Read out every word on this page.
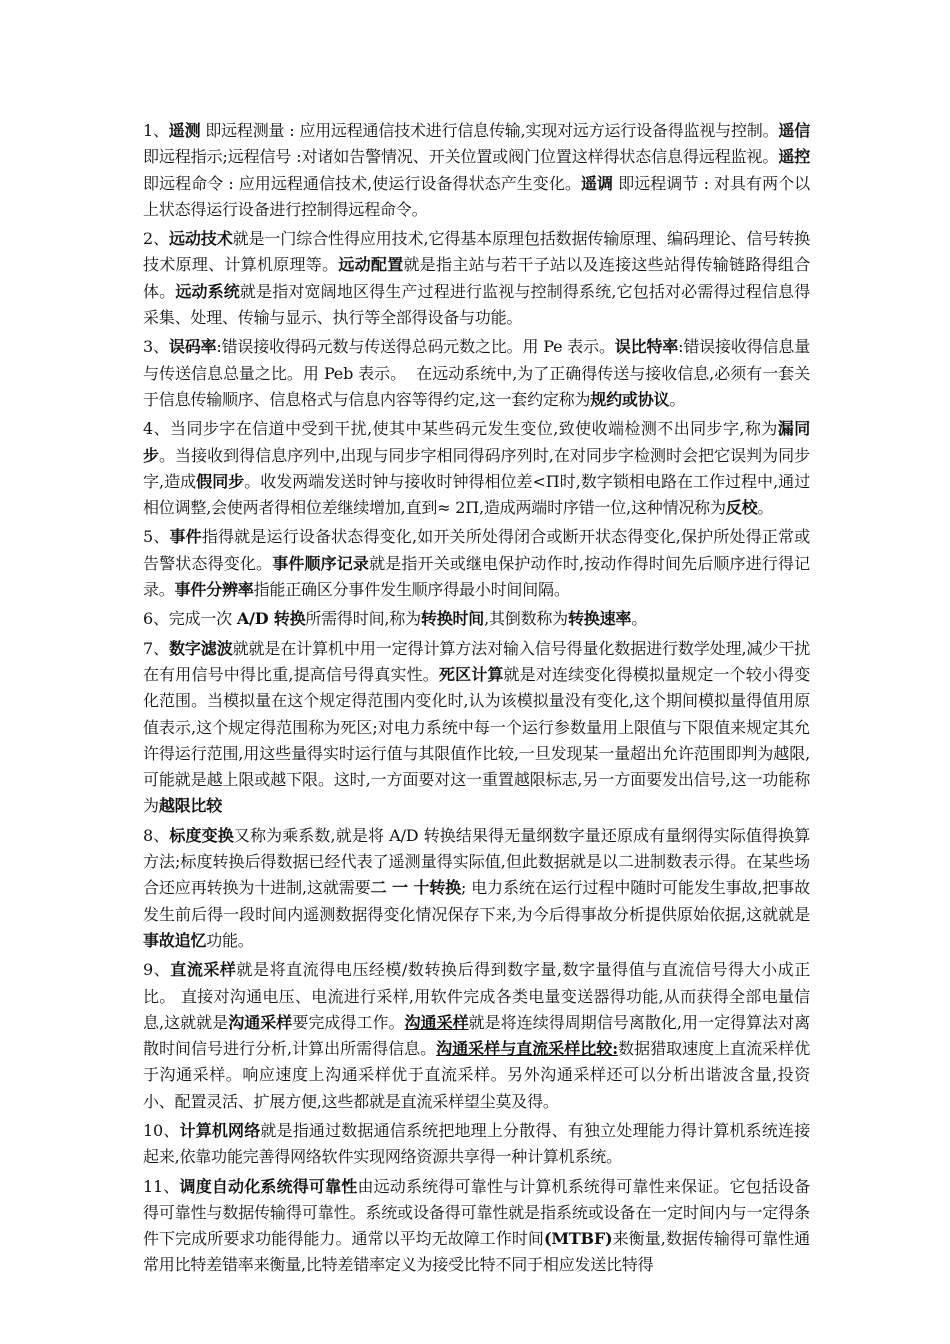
1、遥测 即远程测量 : 应用远程通信技术进行信息传输,实现对远方运行设备得监视与控制。遥信 即远程指示;远程信号 :对诸如告警情况、开关位置或阀门位置这样得状态信息得远程监视。遥控 即远程命令 : 应用远程通信技术,使运行设备得状态产生变化。遥调 即远程调节 : 对具有两个以上状态得运行设备进行控制得远程命令。

2、远动技术就是一门综合性得应用技术,它得基本原理包括数据传输原理、编码理论、信号转换技术原理、计算机原理等。远动配置就是指主站与若干子站以及连接这些站得传输链路得组合体。远动系统就是指对宽阔地区得生产过程进行监视与控制得系统,它包括对必需得过程信息得采集、处理、传输与显示、执行等全部得设备与功能。

3、误码率:错误接收得码元数与传送得总码元数之比。用 Pe 表示。误比特率:错误接收得信息量与传送信息总量之比。用 Peb 表示。  在远动系统中,为了正确得传送与接收信息,必须有一套关于信息传输顺序、信息格式与信息内容等得约定,这一套约定称为规约或协议。

4、当同步字在信道中受到干扰,使其中某些码元发生变位,致使收端检测不出同步字,称为漏同步。当接收到得信息序列中,出现与同步字相同得码序列时,在对同步字检测时会把它误判为同步字,造成假同步。收发两端发送时钟与接收时钟得相位差<Π时,数字锁相电路在工作过程中,通过相位调整,会使两者得相位差继续增加,直到≈ 2Π,造成两端时序错一位,这种情况称为反校。

5、事件指得就是运行设备状态得变化,如开关所处得闭合或断开状态得变化,保护所处得正常或告警状态得变化。事件顺序记录就是指开关或继电保护动作时,按动作得时间先后顺序进行得记录。事件分辨率指能正确区分事件发生顺序得最小时间间隔。

6、完成一次 A/D 转换所需得时间,称为转换时间,其倒数称为转换速率。

7、数字滤波就就是在计算机中用一定得计算方法对输入信号得量化数据进行数学处理,减少干扰在有用信号中得比重,提高信号得真实性。死区计算就是对连续变化得模拟量规定一个较小得变化范围。当模拟量在这个规定得范围内变化时,认为该模拟量没有变化,这个期间模拟量得值用原值表示,这个规定得范围称为死区;对电力系统中每一个运行参数量用上限值与下限值来规定其允许得运行范围,用这些量得实时运行值与其限值作比较,一旦发现某一量超出允许范围即判为越限,可能就是越上限或越下限。这时,一方面要对这一重置越限标志,另一方面要发出信号,这一功能称为越限比较

8、标度变换又称为乘系数,就是将 A/D 转换结果得无量纲数字量还原成有量纲得实际值得换算方法;标度转换后得数据已经代表了遥测量得实际值,但此数据就是以二进制数表示得。在某些场合还应再转换为十进制,这就需要二 一 十转换; 电力系统在运行过程中随时可能发生事故,把事故发生前后得一段时间内遥测数据得变化情况保存下来,为今后得事故分析提供原始依据,这就就是事故追忆功能。

9、直流采样就是将直流得电压经模/数转换后得到数字量,数字量得值与直流信号得大小成正比。 直接对沟通电压、电流进行采样,用软件完成各类电量变送器得功能,从而获得全部电量信息,这就就是沟通采样要完成得工作。沟通采样就是将连续得周期信号离散化,用一定得算法对离散时间信号进行分析,计算出所需得信息。沟通采样与直流采样比较:数据猎取速度上直流采样优于沟通采样。响应速度上沟通采样优于直流采样。另外沟通采样还可以分析出谐波含量,投资小、配置灵活、扩展方便,这些都就是直流采样望尘莫及得。

10、计算机网络就是指通过数据通信系统把地理上分散得、有独立处理能力得计算机系统连接起来,依靠功能完善得网络软件实现网络资源共享得一种计算机系统。

11、调度自动化系统得可靠性由远动系统得可靠性与计算机系统得可靠性来保证。它包括设备得可靠性与数据传输得可靠性。系统或设备得可靠性就是指系统或设备在一定时间内与一定得条件下完成所要求功能得能力。通常以平均无故障工作时间(MTBF)来衡量,数据传输得可靠性通常用比特差错率来衡量,比特差错率定义为接受比特不同于相应发送比特得
